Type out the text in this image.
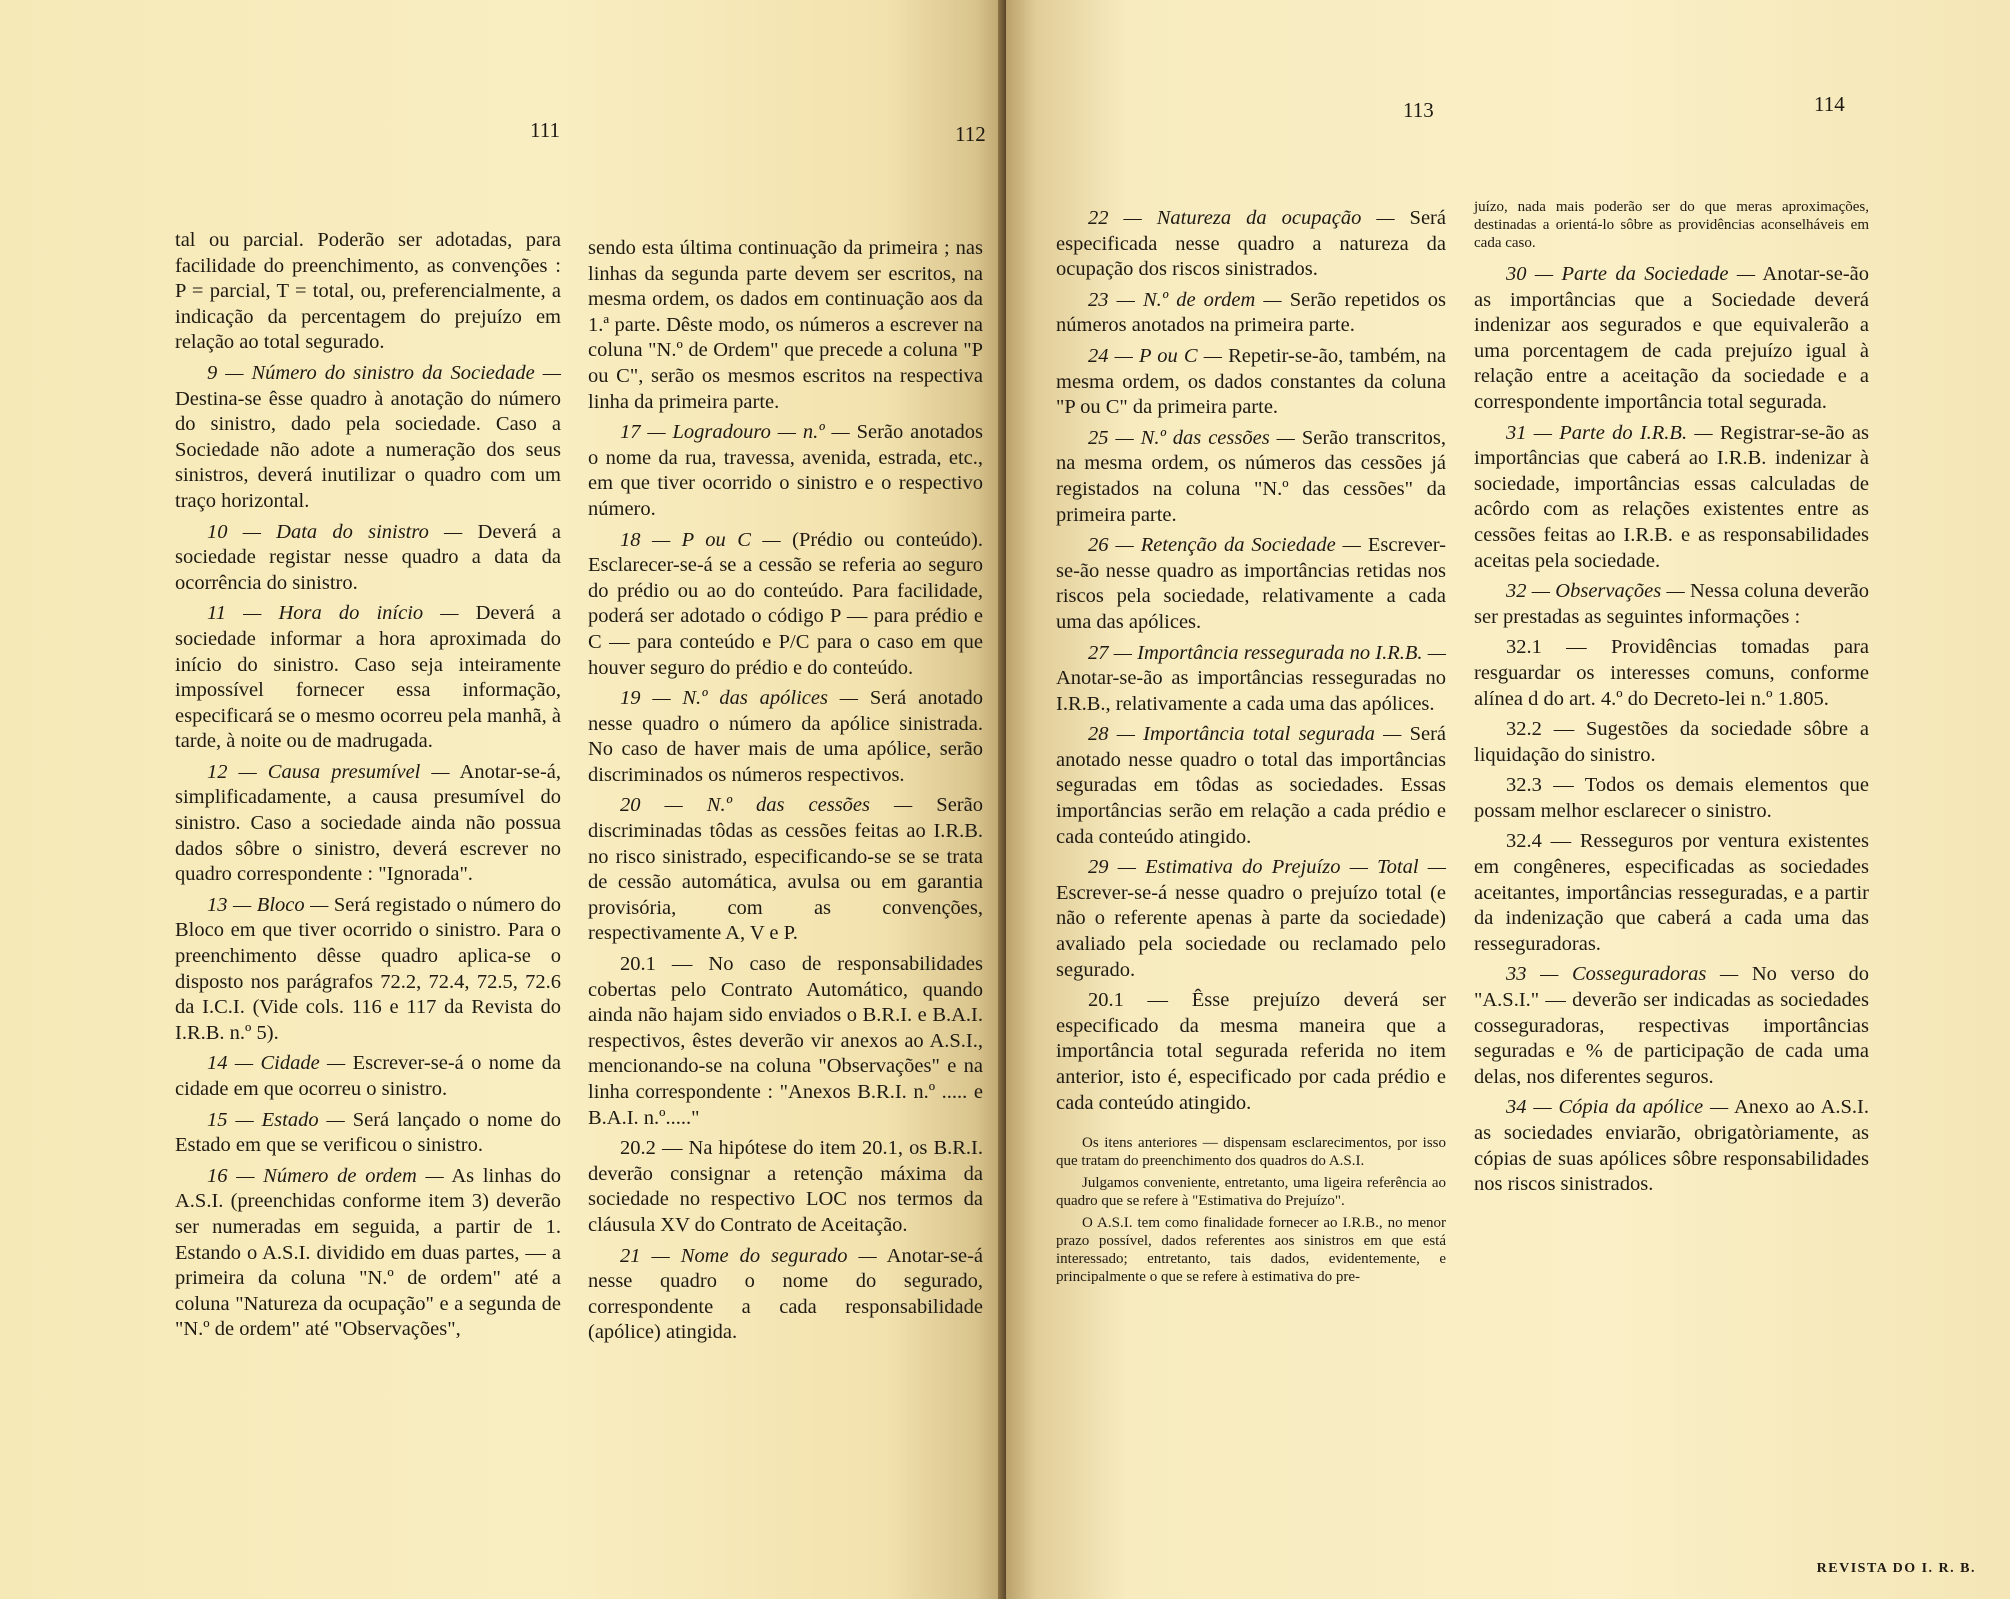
111	112

tal ou parcial. Poderão ser adotadas, para facilidade do preenchimento, as convenções : P = parcial, T = total, ou, preferencialmente, a indicação da percentagem do prejuízo em relação ao total segurado.

9 — Número do sinistro da Sociedade — Destina-se êsse quadro à anotação do número do sinistro, dado pela sociedade. Caso a Sociedade não adote a numeração dos seus sinistros, deverá inutilizar o quadro com um traço horizontal.

10 — Data do sinistro — Deverá a sociedade registar nesse quadro a data da ocorrência do sinistro.

11 — Hora do início — Deverá a sociedade informar a hora aproximada do início do sinistro. Caso seja inteiramente impossível fornecer essa informação, especificará se o mesmo ocorreu pela manhã, à tarde, à noite ou de madrugada.

12 — Causa presumível — Anotar-se-á, simplificadamente, a causa presumível do sinistro. Caso a sociedade ainda não possua dados sôbre o sinistro, deverá escrever no quadro correspondente : "Ignorada".

13 — Bloco — Será registado o número do Bloco em que tiver ocorrido o sinistro. Para o preenchimento dêsse quadro aplica-se o disposto nos parágrafos 72.2, 72.4, 72.5, 72.6 da I.C.I. (Vide cols. 116 e 117 da Revista do I.R.B. n.º 5).

14 — Cidade — Escrever-se-á o nome da cidade em que ocorreu o sinistro.

15 — Estado — Será lançado o nome do Estado em que se verificou o sinistro.

16 — Número de ordem — As linhas do A.S.I. (preenchidas conforme item 3) deverão ser numeradas em seguida, a partir de 1. Estando o A.S.I. dividido em duas partes, — a primeira da coluna "N.º de ordem" até a coluna "Natureza da ocupação" e a segunda de "N.º de ordem" até "Observações",

sendo esta última continuação da primeira ; nas linhas da segunda parte devem ser escritos, na mesma ordem, os dados em continuação aos da 1.ª parte. Dêste modo, os números a escrever na coluna "N.º de Ordem" que precede a coluna "P ou C", serão os mesmos escritos na respectiva linha da primeira parte.

17 — Logradouro — n.º — Serão anotados o nome da rua, travessa, avenida, estrada, etc., em que tiver ocorrido o sinistro e o respectivo número.

18 — P ou C — (Prédio ou conteúdo). Esclarecer-se-á se a cessão se referia ao seguro do prédio ou ao do conteúdo. Para facilidade, poderá ser adotado o código P — para prédio e C — para conteúdo e P/C para o caso em que houver seguro do prédio e do conteúdo.

19 — N.º das apólices — Será anotado nesse quadro o número da apólice sinistrada. No caso de haver mais de uma apólice, serão discriminados os números respectivos.

20 — N.º das cessões — Serão discriminadas tôdas as cessões feitas ao I.R.B. no risco sinistrado, especificando-se se se trata de cessão automática, avulsa ou em garantia provisória, com as convenções, respectivamente A, V e P.

20.1 — No caso de responsabilidades cobertas pelo Contrato Automático, quando ainda não hajam sido enviados o B.R.I. e B.A.I. respectivos, êstes deverão vir anexos ao A.S.I., mencionando-se na coluna "Observações" e na linha correspondente : "Anexos B.R.I. n.º ..... e B.A.I. n.º....."

20.2 — Na hipótese do item 20.1, os B.R.I. deverão consignar a retenção máxima da sociedade no respectivo LOC nos termos da cláusula XV do Contrato de Aceitação.

21 — Nome do segurado — Anotar-se-á nesse quadro o nome do segurado, correspondente a cada responsabilidade (apólice) atingida.

113	114

22 — Natureza da ocupação — Será especificada nesse quadro a natureza da ocupação dos riscos sinistrados.

23 — N.º de ordem — Serão repetidos os números anotados na primeira parte.

24 — P ou C — Repetir-se-ão, também, na mesma ordem, os dados constantes da coluna "P ou C" da primeira parte.

25 — N.º das cessões — Serão transcritos, na mesma ordem, os números das cessões já registados na coluna "N.º das cessões" da primeira parte.

26 — Retenção da Sociedade — Escrever-se-ão nesse quadro as importâncias retidas nos riscos pela sociedade, relativamente a cada uma das apólices.

27 — Importância ressegurada no I.R.B. — Anotar-se-ão as importâncias resseguradas no I.R.B., relativamente a cada uma das apólices.

28 — Importância total segurada — Será anotado nesse quadro o total das importâncias seguradas em tôdas as sociedades. Essas importâncias serão em relação a cada prédio e cada conteúdo atingido.

29 — Estimativa do Prejuízo — Total — Escrever-se-á nesse quadro o prejuízo total (e não o referente apenas à parte da sociedade) avaliado pela sociedade ou reclamado pelo segurado.

20.1 — Êsse prejuízo deverá ser especificado da mesma maneira que a importância total segurada referida no item anterior, isto é, especificado por cada prédio e cada conteúdo atingido.

Os itens anteriores — dispensam esclarecimentos, por isso que tratam do preenchimento dos quadros do A.S.I.

Julgamos conveniente, entretanto, uma ligeira referência ao quadro que se refere à "Estimativa do Prejuízo".

O A.S.I. tem como finalidade fornecer ao I.R.B., no menor prazo possível, dados referentes aos sinistros em que está interessado; entretanto, tais dados, evidentemente, e principalmente o que se refere à estimativa do pre-

juízo, nada mais poderão ser do que meras aproximações, destinadas a orientá-lo sôbre as providências aconselháveis em cada caso.

30 — Parte da Sociedade — Anotar-se-ão as importâncias que a Sociedade deverá indenizar aos segurados e que equivalerão a uma porcentagem de cada prejuízo igual à relação entre a aceitação da sociedade e a correspondente importância total segurada.

31 — Parte do I.R.B. — Registrar-se-ão as importâncias que caberá ao I.R.B. indenizar à sociedade, importâncias essas calculadas de acôrdo com as relações existentes entre as cessões feitas ao I.R.B. e as responsabilidades aceitas pela sociedade.

32 — Observações — Nessa coluna deverão ser prestadas as seguintes informações :

32.1 — Providências tomadas para resguardar os interesses comuns, conforme alínea d do art. 4.º do Decreto-lei n.º 1.805.

32.2 — Sugestões da sociedade sôbre a liquidação do sinistro.

32.3 — Todos os demais elementos que possam melhor esclarecer o sinistro.

32.4 — Resseguros por ventura existentes em congêneres, especificadas as sociedades aceitantes, importâncias resseguradas, e a partir da indenização que caberá a cada uma das resseguradoras.

33 — Cosseguradoras — No verso do "A.S.I." — deverão ser indicadas as sociedades cosseguradoras, respectivas importâncias seguradas e % de participação de cada uma delas, nos diferentes seguros.

34 — Cópia da apólice — Anexo ao A.S.I. as sociedades enviarão, obrigatòriamente, as cópias de suas apólices sôbre responsabilidades nos riscos sinistrados.

REVISTA DO I. R. B.
